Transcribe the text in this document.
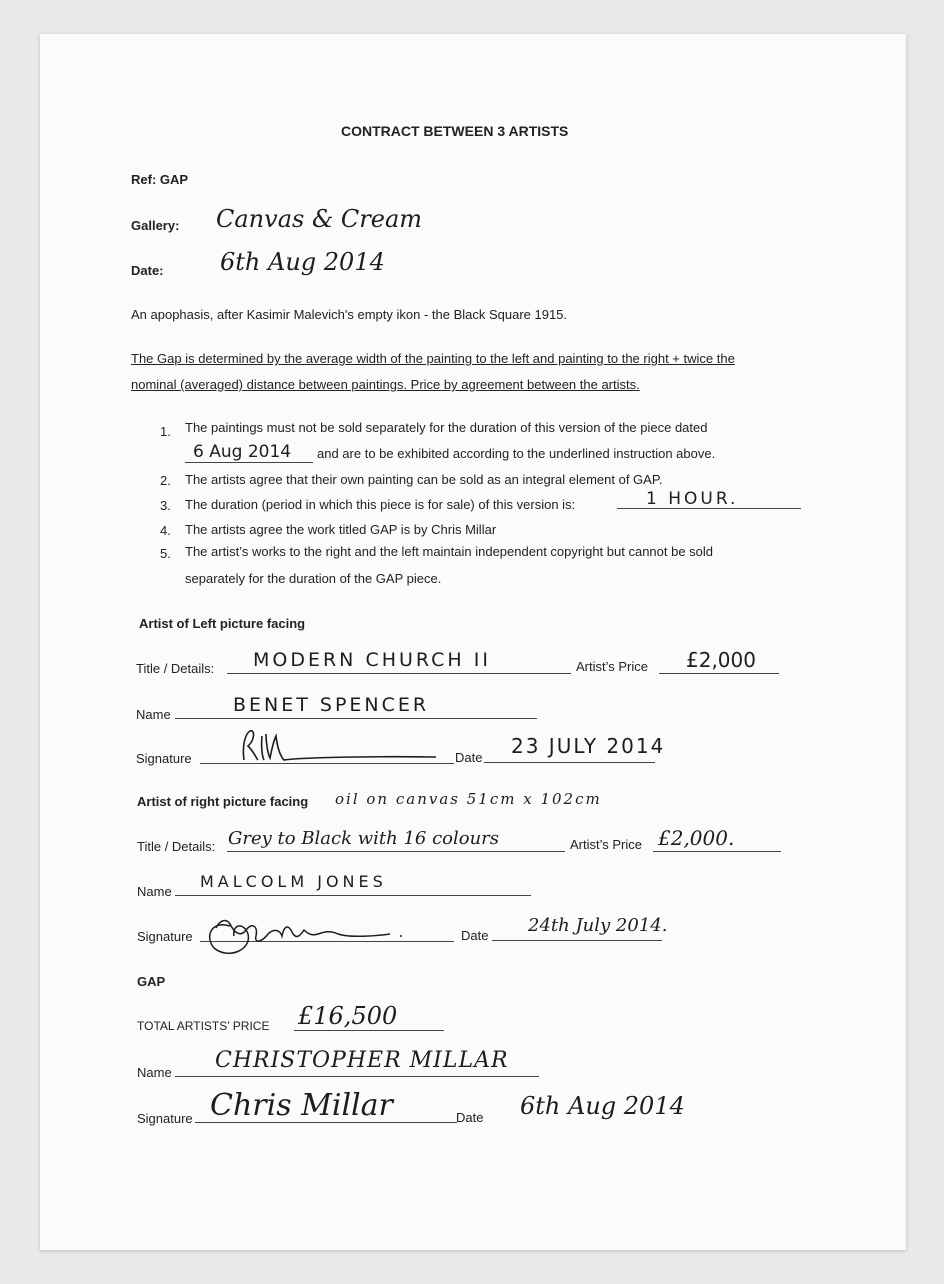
CONTRACT BETWEEN 3 ARTISTS
Ref: GAP
Gallery: Canvas & Cream
Date: 6th Aug 2014
An apophasis, after Kasimir Malevich's empty ikon - the Black Square 1915.
The Gap is determined by the average width of the painting to the left and painting to the right + twice the
nominal (averaged) distance between paintings. Price by agreement between the artists.
1. The paintings must not be sold separately for the duration of this version of the piece dated
6 Aug 2014 and are to be exhibited according to the underlined instruction above.
2. The artists agree that their own painting can be sold as an integral element of GAP.
3. The duration (period in which this piece is for sale) of this version is:	1 HOUR.
4. The artists agree the work titled GAP is by Chris Millar
5. The artist’s works to the right and the left maintain independent copyright but cannot be sold
separately for the duration of the GAP piece.
Artist of Left picture facing
Title / Details: MODERN CHURCH II	Artist’s Price £2,000
Name	BENET SPENCER
Signature	Date 23 JULY 2014
Artist of right picture facing oil on canvas 51cm x 102cm
Title / Details: Grey to Black with 16 colours	Artist’s Price £2,000.
Name
MALCOLM JONES
Signature	Date 24th July 2014.
GAP
TOTAL ARTISTS’ PRICE £16,500
Name CHRISTOPHER MILLAR
Signature Chris Millar	Date 6th Aug 2014
